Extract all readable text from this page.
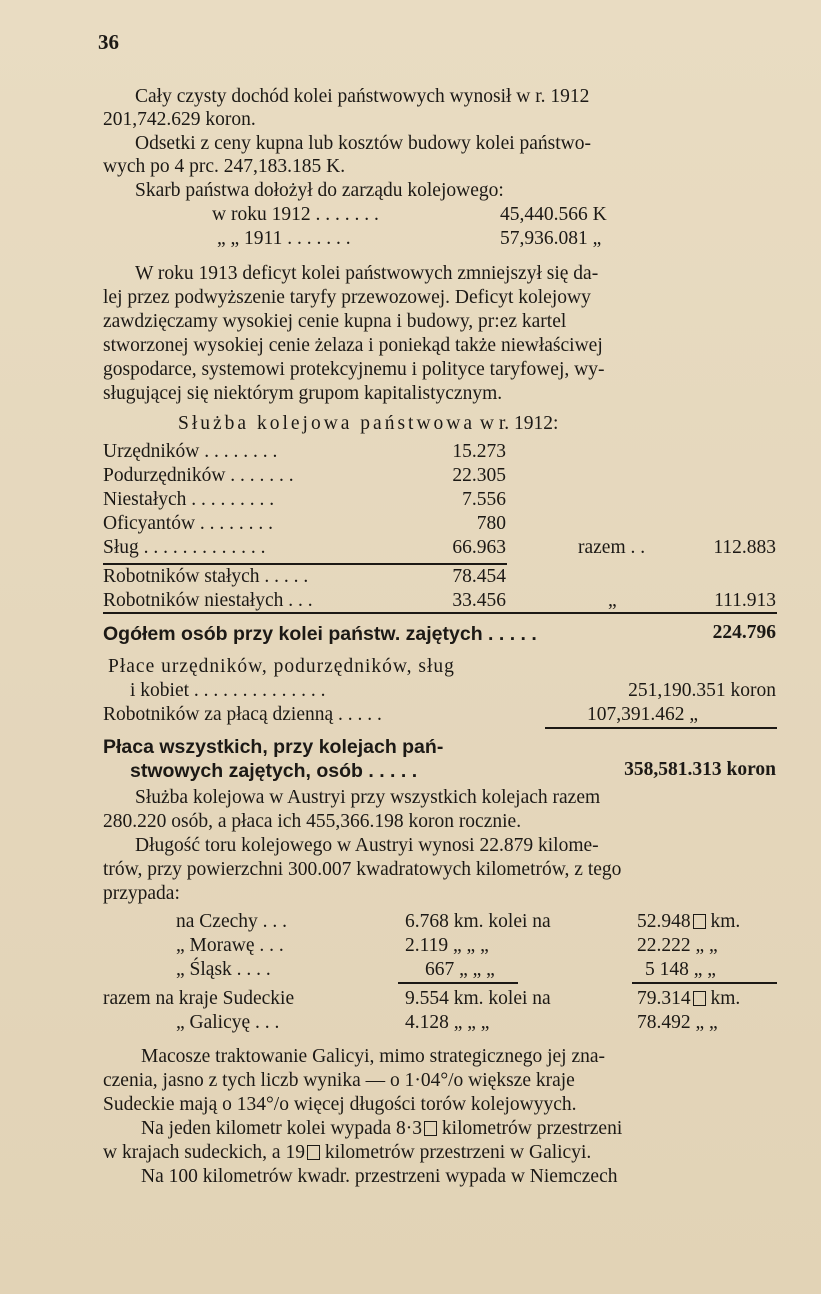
36
Cały czysty dochód kolei państwowych wynosił w r. 1912
201,742.629 koron.
Odsetki z ceny kupna lub kosztów budowy kolei państwo-
wych po 4 prc. 247,183.185 K.
Skarb państwa dołożył do zarządu kolejowego:
w roku 1912 . . . . . . .	45,440.566 K
„ „ 1911 . . . . . . .	57,936.081 „
W roku 1913 deficyt kolei państwowych zmniejszył się da-
lej przez podwyższenie taryfy przewozowej. Deficyt kolejowy
zawdzięczamy wysokiej cenie kupna i budowy, pr:ez kartel
stworzonej wysokiej cenie żelaza i poniekąd także niewłaściwej
gospodarce, systemowi protekcyjnemu i polityce taryfowej, wy-
sługującej się niektórym grupom kapitalistycznym.
Służba kolejowa państwowa w r. 1912:
Urzędników . . . . . . . .	15.273
Podurzędników . . . . . . .	22.305
Niestałych . . . . . . . . .	7.556
Oficyantów . . . . . . . .	780
Sług . . . . . . . . . . . . .	66.963	razem . .	112.883
Robotników stałych . . . . .	78.454
Robotników niestałych . . .	33.456	„	111.913
Ogółem osób przy kolei państw. zajętych . . . . .	224.796
Płace urzędników, podurzędników, sług
i kobiet . . . . . . . . . . . . . .	251,190.351 koron
Robotników za płacą dzienną . . . . .	107,391.462 „
Płaca wszystkich, przy kolejach pań-
stwowych zajętych, osób . . . . .	358,581.313 koron
Służba kolejowa w Austryi przy wszystkich kolejach razem
280.220 osób, a płaca ich 455,366.198 koron rocznie.
Długość toru kolejowego w Austryi wynosi 22.879 kilome-
trów, przy powierzchni 300.007 kwadratowych kilometrów, z tego
przypada:
na Czechy . . .	6.768 km. kolei na	52.948 km.
„ Morawę . . .	2.119 „ „ „	22.222 „ „
„ Śląsk . . . .	667 „ „ „	5 148 „ „
razem na kraje Sudeckie	9.554 km. kolei na	79.314 km.
„ Galicyę . . .	4.128 „ „ „	78.492 „ „
Macosze traktowanie Galicyi, mimo strategicznego jej zna-
czenia, jasno z tych liczb wynika — o 1·04°/o większe kraje
Sudeckie mają o 134°/o więcej długości torów kolejowyych.
Na jeden kilometr kolei wypada 8·3 kilometrów przestrzeni
w krajach sudeckich, a 19 kilometrów przestrzeni w Galicyi.
Na 100 kilometrów kwadr. przestrzeni wypada w Niemczech
